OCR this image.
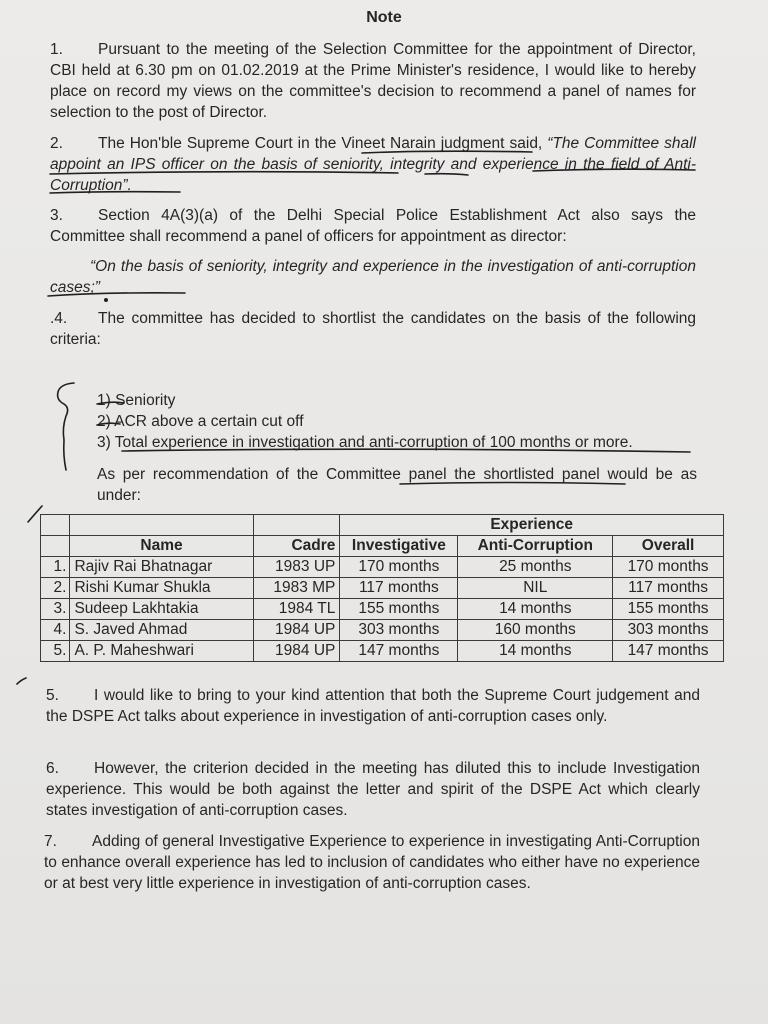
Note
1. Pursuant to the meeting of the Selection Committee for the appointment of Director, CBI held at 6.30 pm on 01.02.2019 at the Prime Minister's residence, I would like to hereby place on record my views on the committee's decision to recommend a panel of names for selection to the post of Director.
2. The Hon'ble Supreme Court in the Vineet Narain judgment said, “The Committee shall appoint an IPS officer on the basis of seniority, integrity and experience in the field of Anti-Corruption”.
3. Section 4A(3)(a) of the Delhi Special Police Establishment Act also says the Committee shall recommend a panel of officers for appointment as director:
“On the basis of seniority, integrity and experience in the investigation of anti-corruption cases;”
.4. The committee has decided to shortlist the candidates on the basis of the following criteria:
1) Seniority
2) ACR above a certain cut off
3) Total experience in investigation and anti-corruption of 100 months or more.
As per recommendation of the Committee panel the shortlisted panel would be as under:
			Experience		
	Name	Cadre	Investigative	Anti-Corruption	Overall
1.	Rajiv Rai Bhatnagar	1983 UP	170 months	25 months	170 months
2.	Rishi Kumar Shukla	1983 MP	117 months	NIL	117 months
3.	Sudeep Lakhtakia	1984 TL	155 months	14 months	155 months
4.	S. Javed Ahmad	1984 UP	303 months	160 months	303 months
5.	A. P. Maheshwari	1984 UP	147 months	14 months	147 months
5. I would like to bring to your kind attention that both the Supreme Court judgement and the DSPE Act talks about experience in investigation of anti-corruption cases only.
6. However, the criterion decided in the meeting has diluted this to include Investigation experience. This would be both against the letter and spirit of the DSPE Act which clearly states investigation of anti-corruption cases.
7. Adding of general Investigative Experience to experience in investigating Anti-Corruption to enhance overall experience has led to inclusion of candidates who either have no experience or at best very little experience in investigation of anti-corruption cases.
